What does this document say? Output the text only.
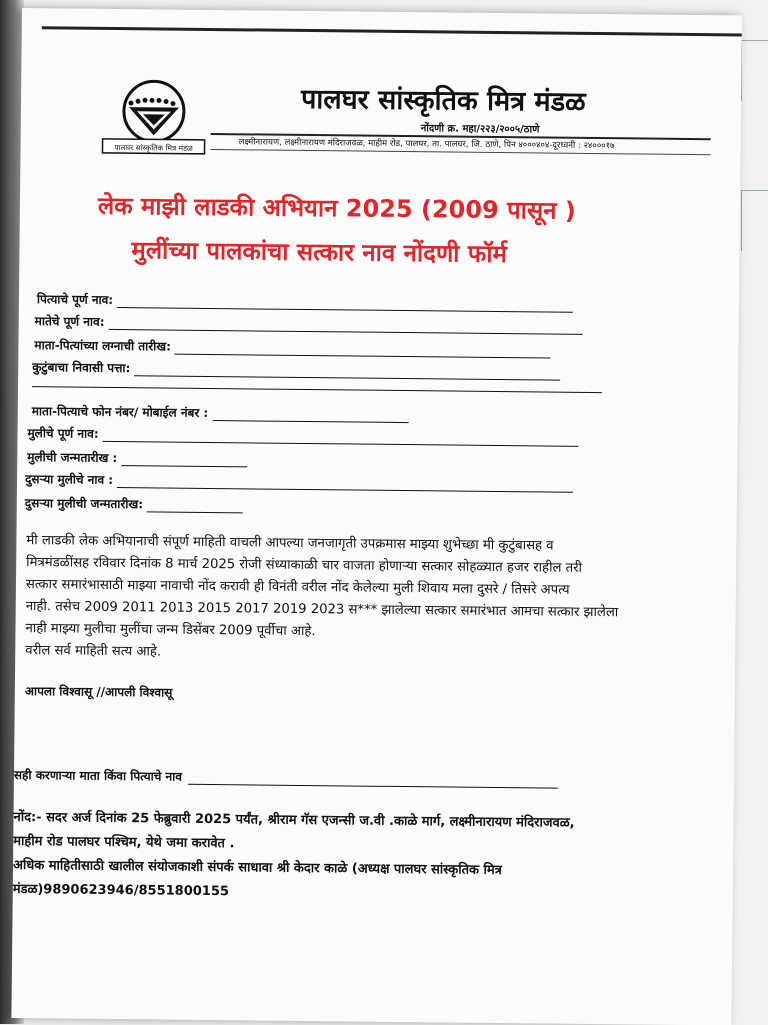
पालघर सांस्कृतिक मित्र मंडळ
पालघर सांस्कृतिक मित्र मंडळ
नोंदणी क्र. महा/२२३/२००५/ठाणे
लक्ष्मीनारायण, लक्ष्मीनारायण मंदिराजवळ, माहीम रोड, पालघर, ता. पालघर, जि. ठाणे, पिन ४०००४०४-दूरध्वनी : २४०००१७
लेक माझी लाडकी अभियान 2025 (2009 पासून )
मुलींच्या पालकांचा सत्कार नाव नोंदणी फॉर्म
पित्याचे पूर्ण नाव:
मातेचे पूर्ण नाव:
माता-पित्यांच्या लग्नाची तारीख:
कुटुंबाचा निवासी पत्ता:
माता-पित्याचे फोन नंबर/ मोबाईल नंबर :
मुलीचे पूर्ण नाव:
मुलीची जन्मतारीख :
दुसऱ्या मुलीचे नाव :
दुसऱ्या मुलीची जन्मतारीख:

मी लाडकी लेक अभियानाची संपूर्ण माहिती वाचली आपल्या जनजागृती उपक्रमास माझ्या शुभेच्छा मी कुटुंबासह व

मित्रमंडळींसह रविवार दिनांक 8 मार्च 2025 रोजी संध्याकाळी चार वाजता होणाऱ्या सत्कार सोहळ्यात हजर राहील तरी

सत्कार समारंभासाठी माझ्या नावाची नोंद करावी ही विनंती वरील नोंद केलेल्या मुली शिवाय मला दुसरे / तिसरे अपत्य

नाही. तसेच 2009 2011 2013 2015 2017 2019 2023 स*** झालेल्या सत्कार समारंभात आमचा सत्कार झालेला

नाही माझ्या मुलीचा मुलींचा जन्म डिसेंबर 2009 पूर्वीचा आहे.

वरील सर्व माहिती सत्य आहे.

आपला विश्वासू //आपली विश्वासू
सही करणाऱ्या माता किंवा पित्याचे नाव

नोंद:- सदर अर्ज दिनांक 25 फेब्रुवारी 2025 पर्यंत, श्रीराम गॅस एजन्सी ज.वी .काळे मार्ग, लक्ष्मीनारायण मंदिराजवळ,

माहीम रोड पालघर पश्चिम, येथे जमा करावेत .

अधिक माहितीसाठी खालील संयोजकाशी संपर्क साधावा श्री केदार काळे (अध्यक्ष पालघर सांस्कृतिक मित्र

मंडळ)9890623946/8551800155
